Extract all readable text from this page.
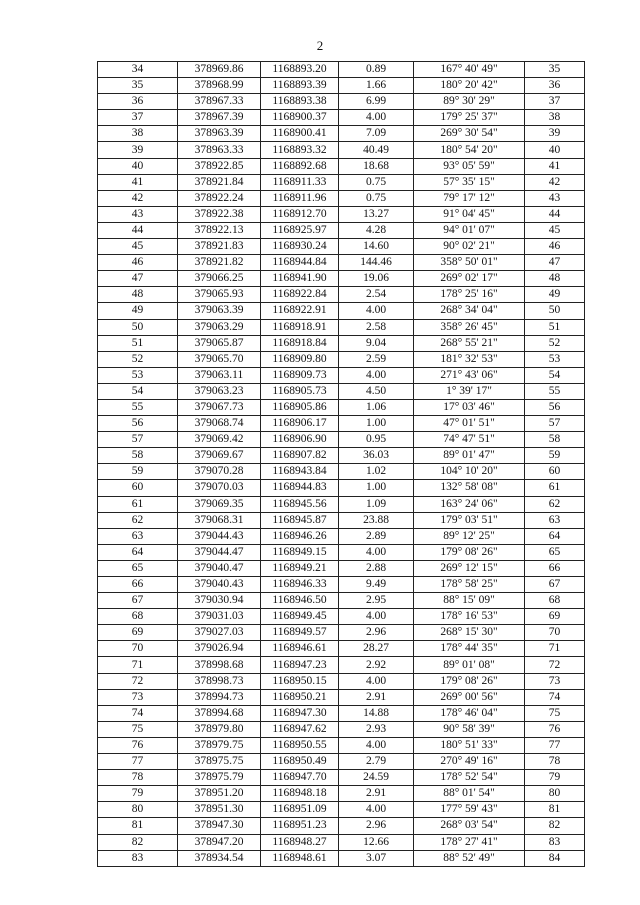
2
34	378969.86	1168893.20	0.89	167° 40' 49"	35
35	378968.99	1168893.39	1.66	180° 20' 42"	36
36	378967.33	1168893.38	6.99	89° 30' 29"	37
37	378967.39	1168900.37	4.00	179° 25' 37"	38
38	378963.39	1168900.41	7.09	269° 30' 54"	39
39	378963.33	1168893.32	40.49	180° 54' 20"	40
40	378922.85	1168892.68	18.68	93° 05' 59"	41
41	378921.84	1168911.33	0.75	57° 35' 15"	42
42	378922.24	1168911.96	0.75	79° 17' 12"	43
43	378922.38	1168912.70	13.27	91° 04' 45"	44
44	378922.13	1168925.97	4.28	94° 01' 07"	45
45	378921.83	1168930.24	14.60	90° 02' 21"	46
46	378921.82	1168944.84	144.46	358° 50' 01"	47
47	379066.25	1168941.90	19.06	269° 02' 17"	48
48	379065.93	1168922.84	2.54	178° 25' 16"	49
49	379063.39	1168922.91	4.00	268° 34' 04"	50
50	379063.29	1168918.91	2.58	358° 26' 45"	51
51	379065.87	1168918.84	9.04	268° 55' 21"	52
52	379065.70	1168909.80	2.59	181° 32' 53"	53
53	379063.11	1168909.73	4.00	271° 43' 06"	54
54	379063.23	1168905.73	4.50	1° 39' 17"	55
55	379067.73	1168905.86	1.06	17° 03' 46"	56
56	379068.74	1168906.17	1.00	47° 01' 51"	57
57	379069.42	1168906.90	0.95	74° 47' 51"	58
58	379069.67	1168907.82	36.03	89° 01' 47"	59
59	379070.28	1168943.84	1.02	104° 10' 20"	60
60	379070.03	1168944.83	1.00	132° 58' 08"	61
61	379069.35	1168945.56	1.09	163° 24' 06"	62
62	379068.31	1168945.87	23.88	179° 03' 51"	63
63	379044.43	1168946.26	2.89	89° 12' 25"	64
64	379044.47	1168949.15	4.00	179° 08' 26"	65
65	379040.47	1168949.21	2.88	269° 12' 15"	66
66	379040.43	1168946.33	9.49	178° 58' 25"	67
67	379030.94	1168946.50	2.95	88° 15' 09"	68
68	379031.03	1168949.45	4.00	178° 16' 53"	69
69	379027.03	1168949.57	2.96	268° 15' 30"	70
70	379026.94	1168946.61	28.27	178° 44' 35"	71
71	378998.68	1168947.23	2.92	89° 01' 08"	72
72	378998.73	1168950.15	4.00	179° 08' 26"	73
73	378994.73	1168950.21	2.91	269° 00' 56"	74
74	378994.68	1168947.30	14.88	178° 46' 04"	75
75	378979.80	1168947.62	2.93	90° 58' 39"	76
76	378979.75	1168950.55	4.00	180° 51' 33"	77
77	378975.75	1168950.49	2.79	270° 49' 16"	78
78	378975.79	1168947.70	24.59	178° 52' 54"	79
79	378951.20	1168948.18	2.91	88° 01' 54"	80
80	378951.30	1168951.09	4.00	177° 59' 43"	81
81	378947.30	1168951.23	2.96	268° 03' 54"	82
82	378947.20	1168948.27	12.66	178° 27' 41"	83
83	378934.54	1168948.61	3.07	88° 52' 49"	84
